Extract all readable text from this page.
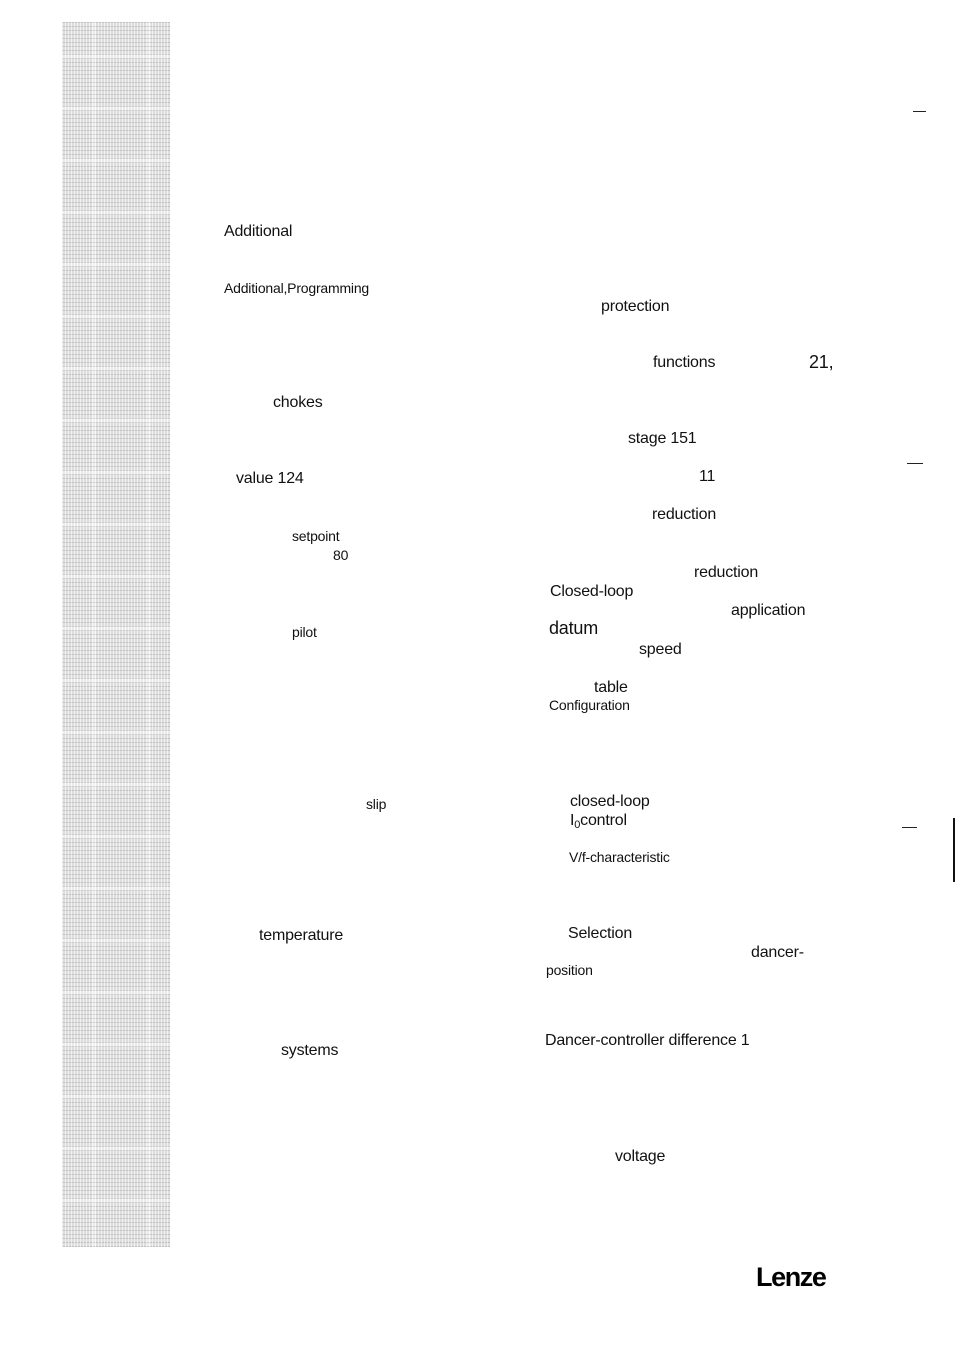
Additional
Additional,Programming
chokes
value 124
setpoint
80
pilot
slip
temperature
systems
protection
functions	21,
stage 151
11
reduction
reduction
Closed-loop
application
datum
speed
table
Configuration
closed-loop
$I_0control$
V/f-characteristic
Selection
dancer-
position
Dancer-controller difference 1
voltage
Lenze
